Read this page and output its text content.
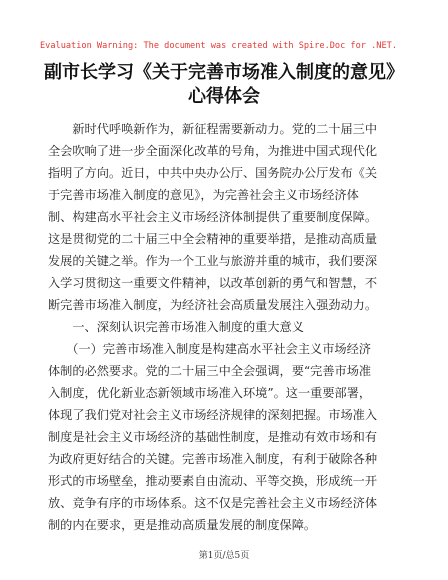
Evaluation Warning: The document was created with Spire.Doc for .NET.
副市长学习《关于完善市场准入制度的意见》
心得体会
　　新时代呼唤新作为，新征程需要新动力。党的二十届三中
全会吹响了进一步全面深化改革的号角，为推进中国式现代化
指明了方向。近日，中共中央办公厅、国务院办公厅发布《关
于完善市场准入制度的意见》，为完善社会主义市场经济体
制、构建高水平社会主义市场经济体制提供了重要制度保障。
这是贯彻党的二十届三中全会精神的重要举措，是推动高质量
发展的关键之举。作为一个工业与旅游并重的城市，我们要深
入学习贯彻这一重要文件精神，以改革创新的勇气和智慧，不
断完善市场准入制度，为经济社会高质量发展注入强劲动力。
　　一、深刻认识完善市场准入制度的重大意义
　　（一）完善市场准入制度是构建高水平社会主义市场经济
体制的必然要求。党的二十届三中全会强调，要“完善市场准
入制度，优化新业态新领域市场准入环境”。这一重要部署，
体现了我们党对社会主义市场经济规律的深刻把握。市场准入
制度是社会主义市场经济的基础性制度，是推动有效市场和有
为政府更好结合的关键。完善市场准入制度，有利于破除各种
形式的市场壁垒，推动要素自由流动、平等交换，形成统一开
放、竞争有序的市场体系。这不仅是完善社会主义市场经济体
制的内在要求，更是推动高质量发展的制度保障。
第1页/总5页
